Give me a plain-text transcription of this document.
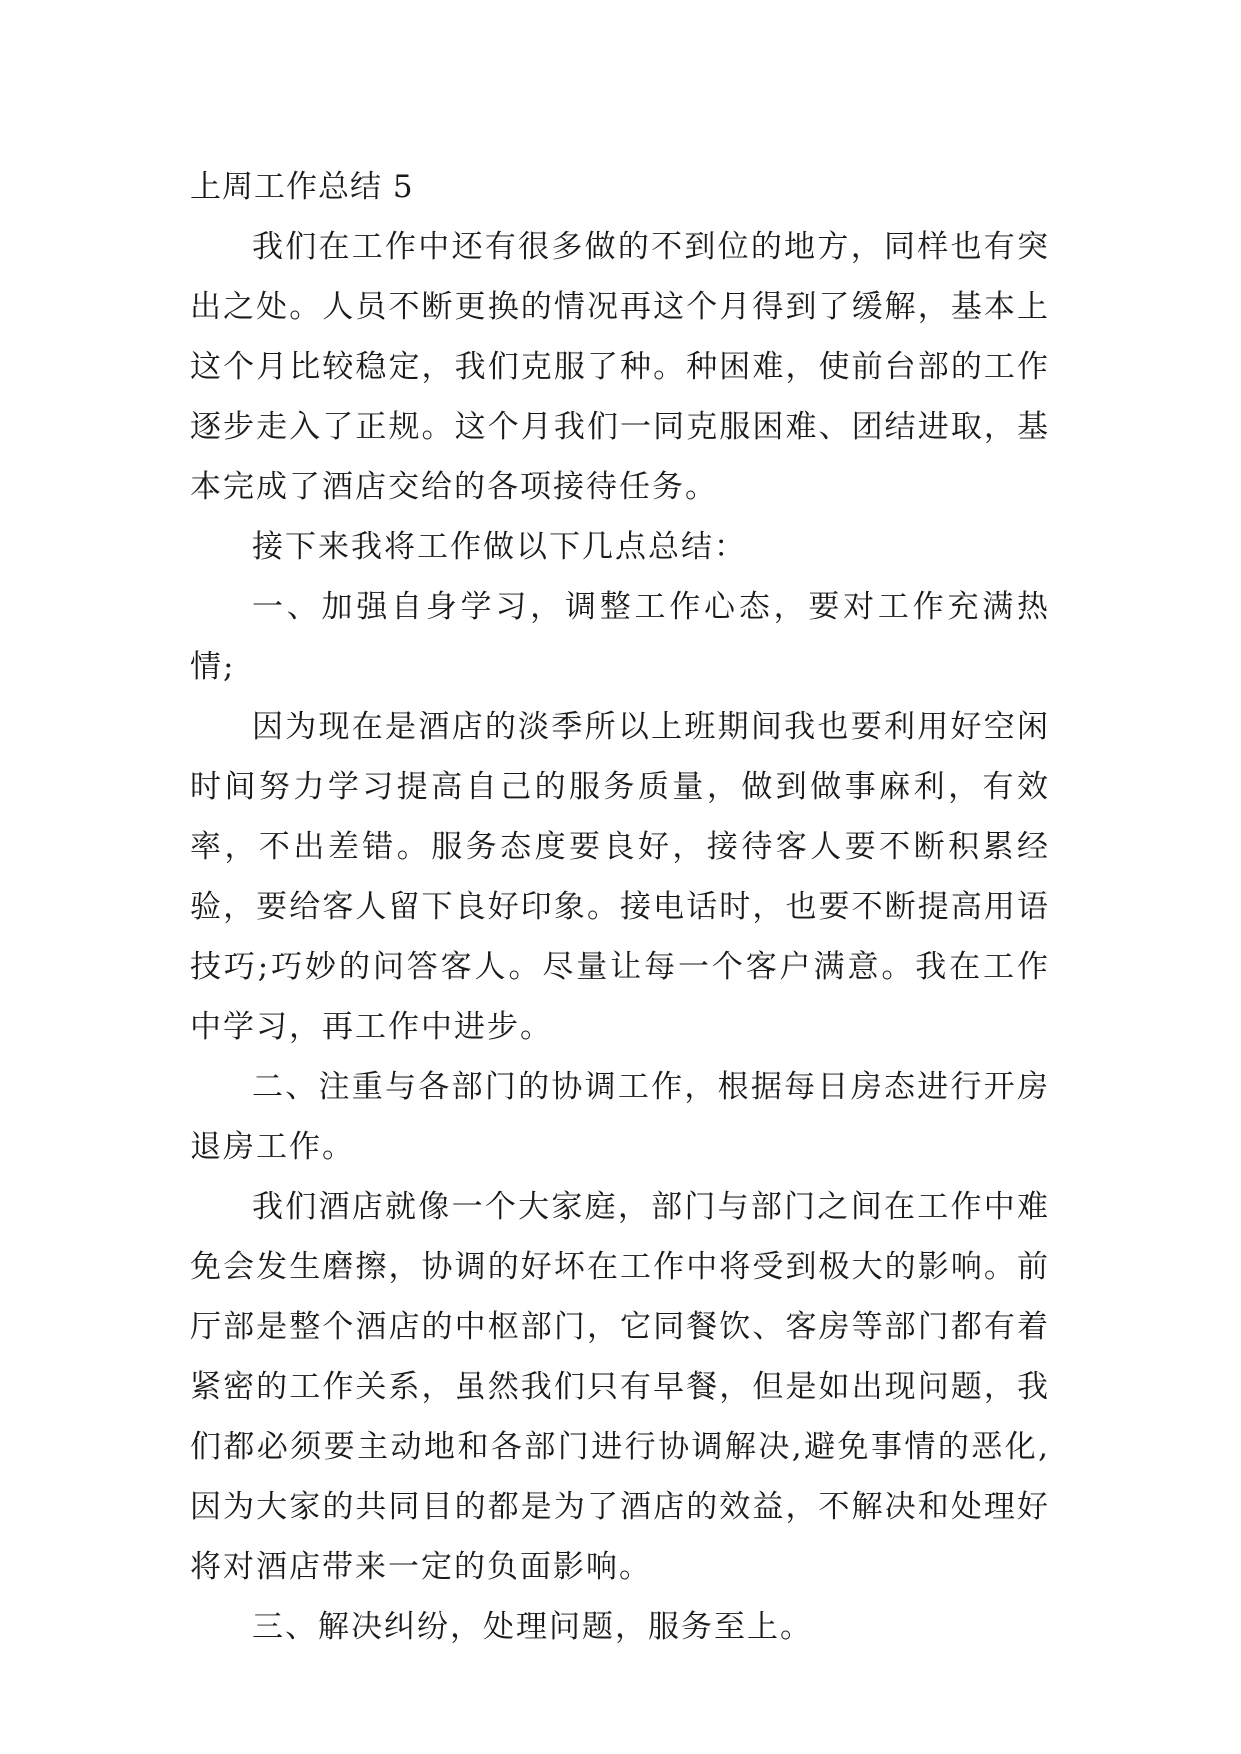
上周工作总结 5

我们在工作中还有很多做的不到位的地方，同样也有突出之处。人员不断更换的情况再这个月得到了缓解，基本上这个月比较稳定，我们克服了种。种困难，使前台部的工作逐步走入了正规。这个月我们一同克服困难、团结进取，基本完成了酒店交给的各项接待任务。

接下来我将工作做以下几点总结：

一、加强自身学习，调整工作心态，要对工作充满热情;

因为现在是酒店的淡季所以上班期间我也要利用好空闲时间努力学习提高自己的服务质量，做到做事麻利，有效率，不出差错。服务态度要良好，接待客人要不断积累经验，要给客人留下良好印象。接电话时，也要不断提高用语技巧;巧妙的问答客人。尽量让每一个客户满意。我在工作中学习，再工作中进步。

二、注重与各部门的协调工作，根据每日房态进行开房退房工作。

我们酒店就像一个大家庭，部门与部门之间在工作中难免会发生磨擦，协调的好坏在工作中将受到极大的影响。前厅部是整个酒店的中枢部门，它同餐饮、客房等部门都有着紧密的工作关系，虽然我们只有早餐，但是如出现问题，我们都必须要主动地和各部门进行协调解决,避免事情的恶化,因为大家的共同目的都是为了酒店的效益，不解决和处理好将对酒店带来一定的负面影响。

三、解决纠纷，处理问题，服务至上。
